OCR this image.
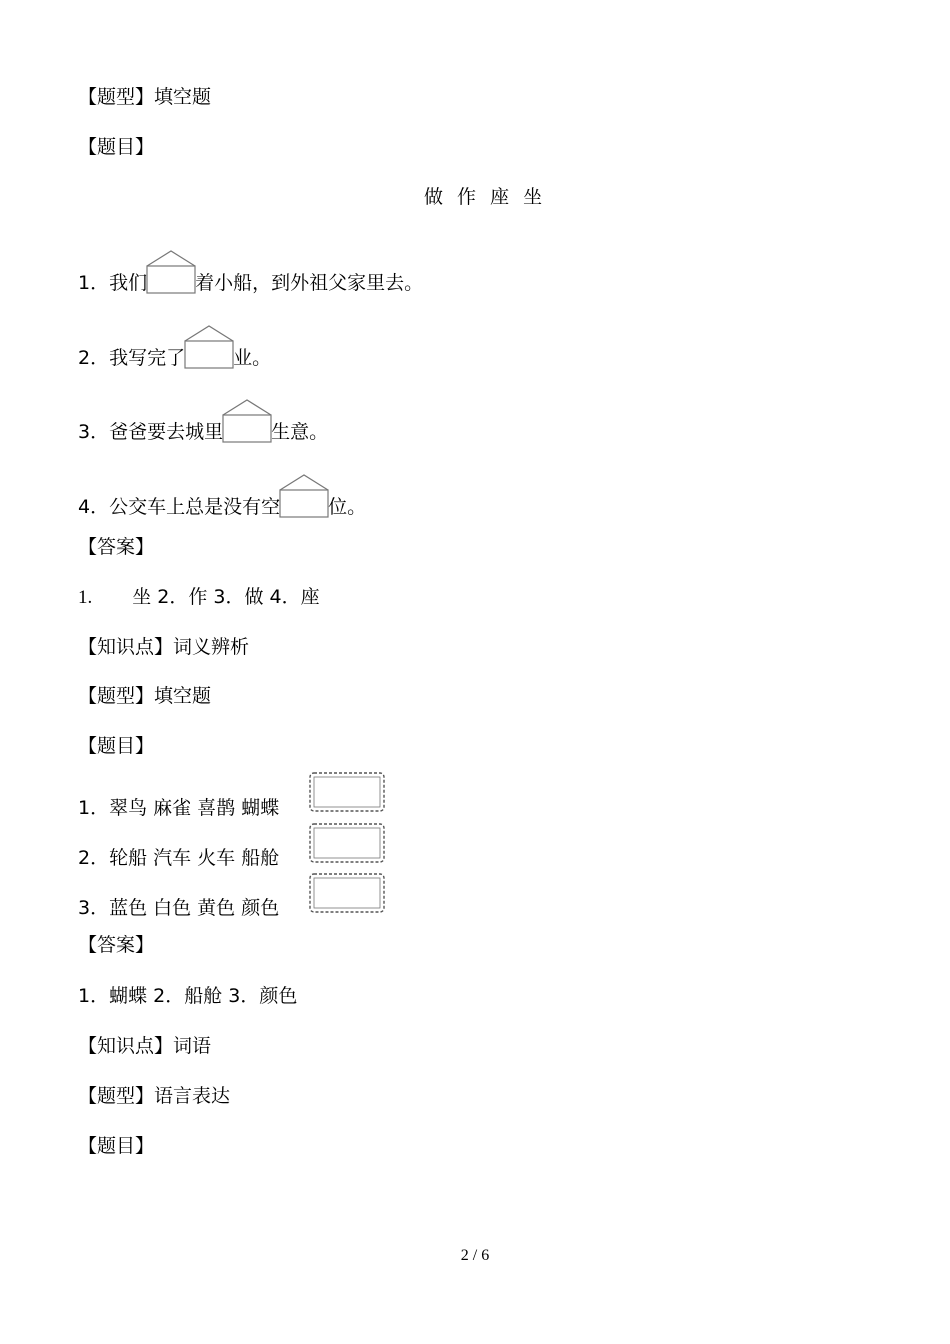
【题型】填空题
【题目】
做 作 座 坐
1．我们	着小船，到外祖父家里去。
2．我写完了	业。
3．爸爸要去城里	生意。
4．公交车上总是没有空	位。
【答案】
1. 坐 2．作 3．做 4．座
【知识点】词义辨析
【题型】填空题
【题目】
1．翠鸟 麻雀 喜鹊 蝴蝶
2．轮船 汽车 火车 船舱
3．蓝色 白色 黄色 颜色
【答案】
1．蝴蝶 2．船舱 3．颜色
【知识点】词语
【题型】语言表达
【题目】
2 / 6
